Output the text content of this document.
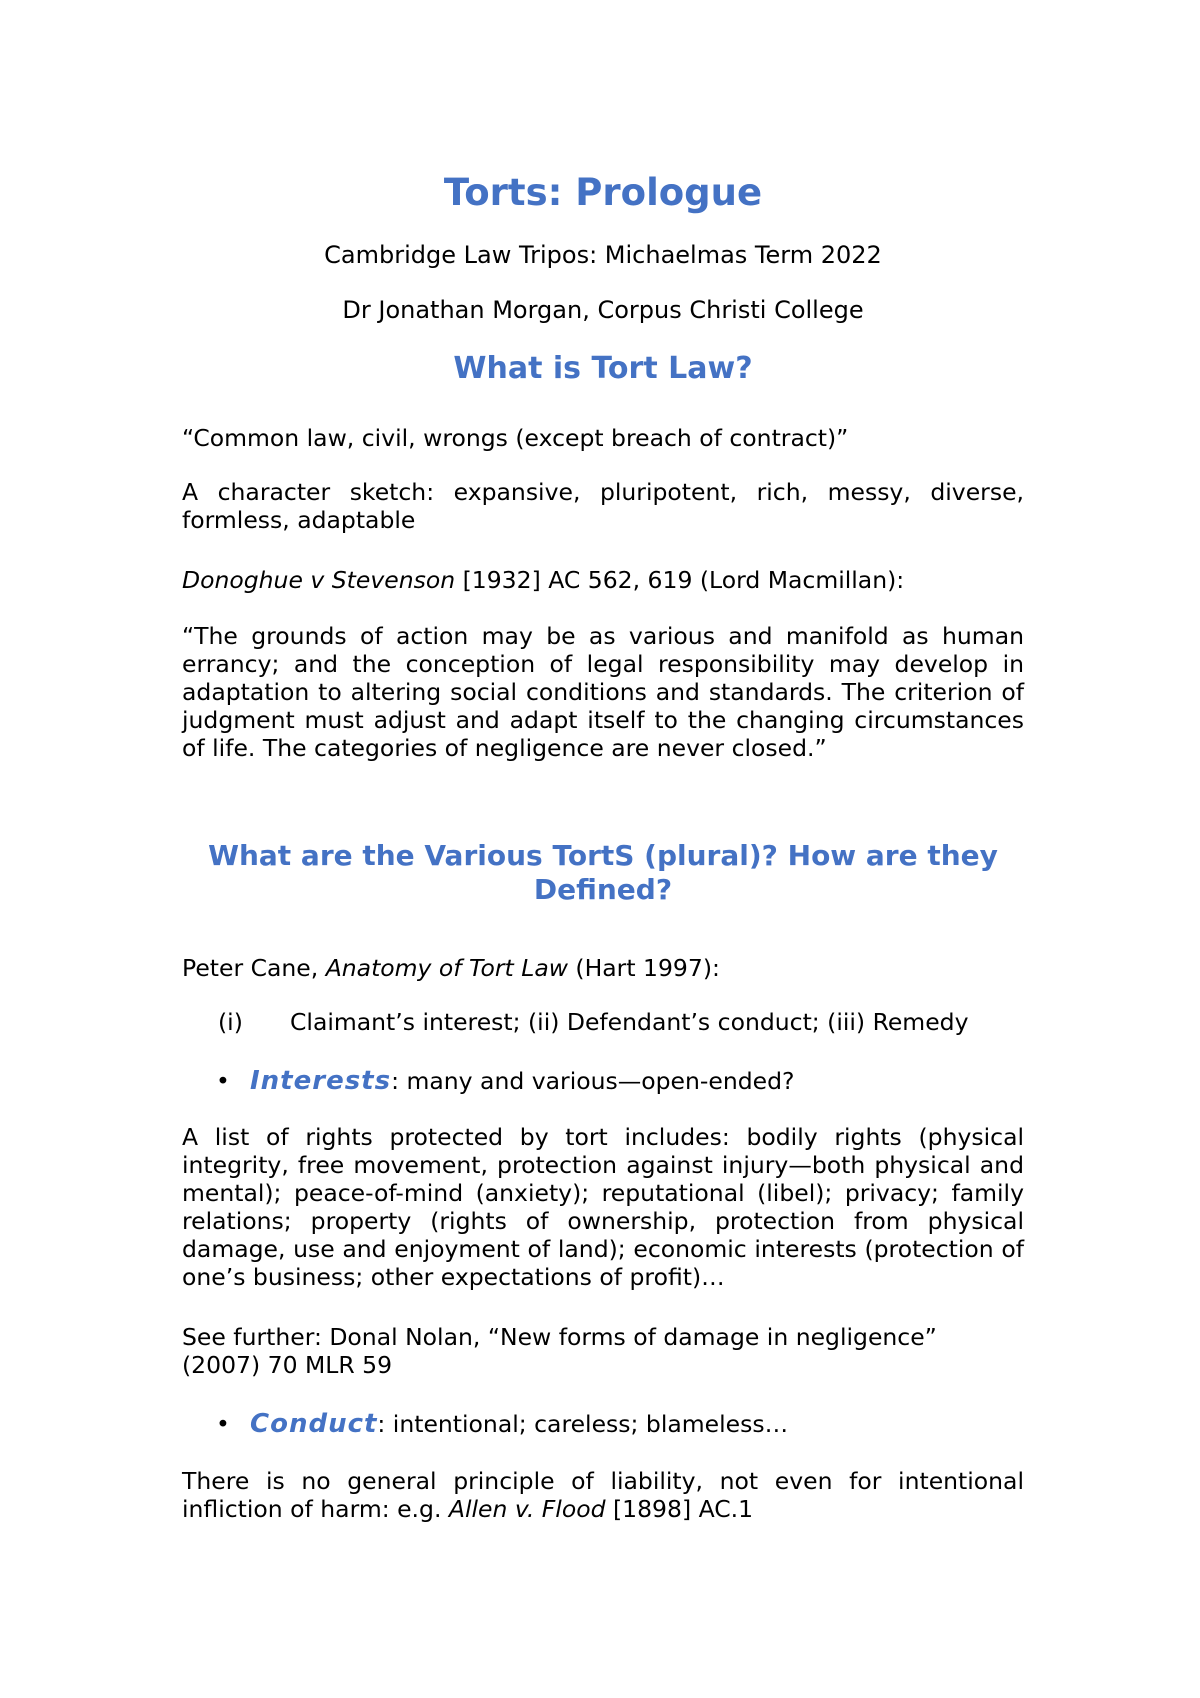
Torts: Prologue
Cambridge Law Tripos: Michaelmas Term 2022
Dr Jonathan Morgan, Corpus Christi College
What is Tort Law?
“Common law, civil, wrongs (except breach of contract)”
A character sketch: expansive, pluripotent, rich, messy, diverse, formless, adaptable
Donoghue v Stevenson [1932] AC 562, 619 (Lord Macmillan):
“The grounds of action may be as various and manifold as human errancy; and the conception of legal responsibility may develop in adaptation to altering social conditions and standards. The criterion of judgment must adjust and adapt itself to the changing circumstances of life. The categories of negligence are never closed.”
What are the Various TortS (plural)? How are they
Defined?
Peter Cane, Anatomy of Tort Law (Hart 1997):
(i) Claimant’s interest; (ii) Defendant’s conduct; (iii) Remedy
• Interests: many and various—open-ended?
A list of rights protected by tort includes: bodily rights (physical integrity, free movement, protection against injury—both physical and mental); peace-of-mind (anxiety); reputational (libel); privacy; family relations; property (rights of ownership, protection from physical damage, use and enjoyment of land); economic interests (protection of one’s business; other expectations of profit)…
See further: Donal Nolan, “New forms of damage in negligence”
(2007) 70 MLR 59
• Conduct: intentional; careless; blameless…
There is no general principle of liability, not even for intentional infliction of harm: e.g. Allen v. Flood [1898] AC.1
